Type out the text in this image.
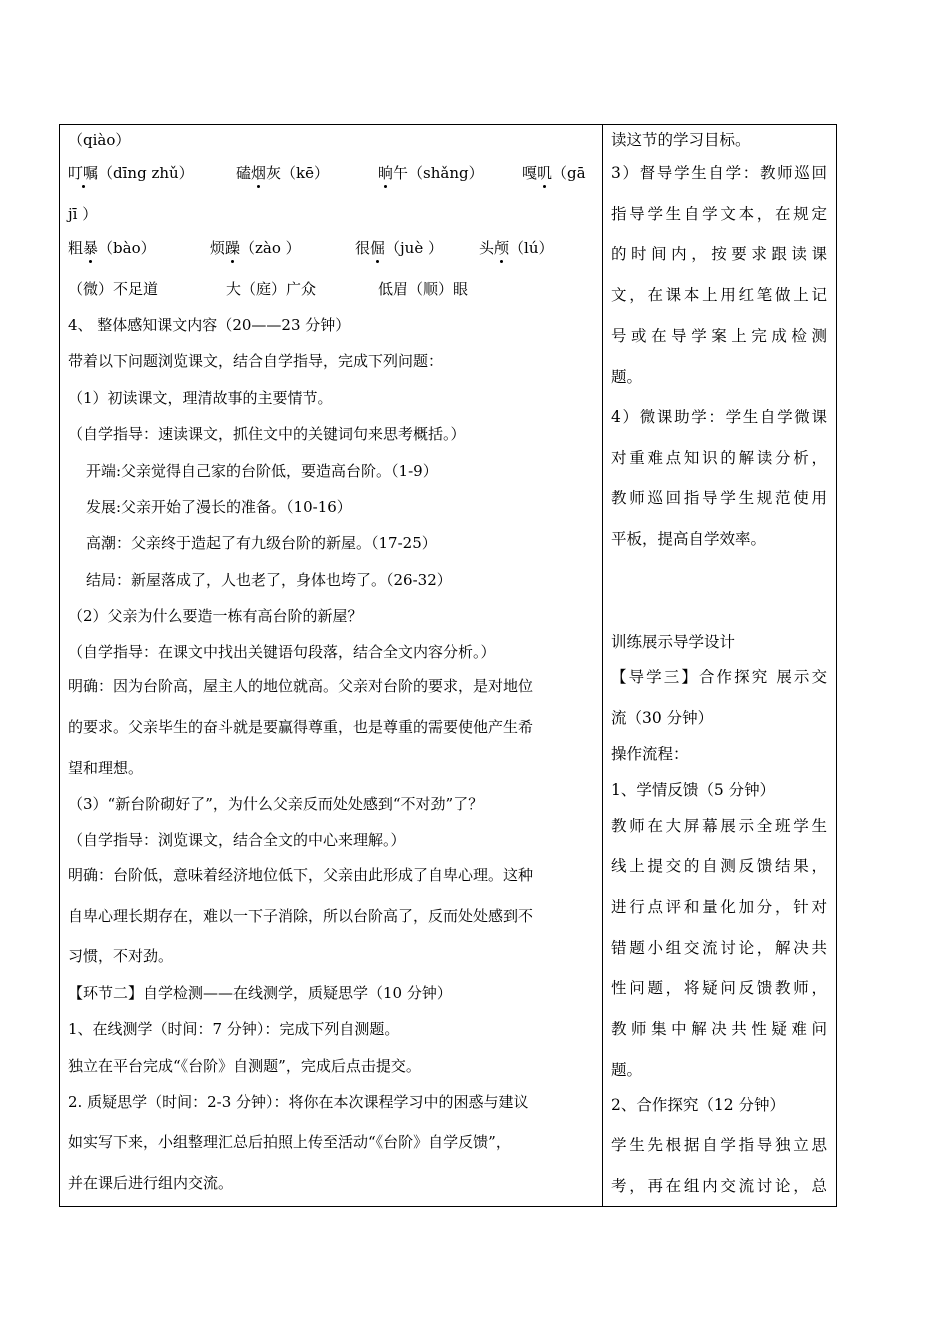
（qiào）
叮嘱（dīng zhǔ）	磕烟灰（kē）	晌午（shǎng）	嘎叽（gā
jī ）
粗暴（bào）	烦躁（zào ）	很倔（juè ） 头颅（lú）
（微）不足道	大（庭）广众	低眉（顺）眼
4、 整体感知课文内容（20——23 分钟）
带着以下问题浏览课文，结合自学指导，完成下列问题：
（1）初读课文，理清故事的主要情节。
（自学指导：速读课文，抓住文中的关键词句来思考概括。）
开端:父亲觉得自己家的台阶低，要造高台阶。（1-9）
发展:父亲开始了漫长的准备。（10-16）
高潮：父亲终于造起了有九级台阶的新屋。（17-25）
结局：新屋落成了，人也老了，身体也垮了。（26-32）
（2）父亲为什么要造一栋有高台阶的新屋？
（自学指导：在课文中找出关键语句段落，结合全文内容分析。）
明确：因为台阶高，屋主人的地位就高。父亲对台阶的要求，是对地位
的要求。父亲毕生的奋斗就是要赢得尊重，也是尊重的需要使他产生希
望和理想。
（3）“新台阶砌好了”，为什么父亲反而处处感到“不对劲”了？
（自学指导：浏览课文，结合全文的中心来理解。）
明确：台阶低，意味着经济地位低下，父亲由此形成了自卑心理。这种
自卑心理长期存在，难以一下子消除，所以台阶高了，反而处处感到不
习惯，不对劲。
【环节二】自学检测——在线测学，质疑思学（10 分钟）
1、在线测学（时间：7 分钟）：完成下列自测题。
独立在平台完成“《台阶》自测题”，完成后点击提交。
2. 质疑思学（时间：2-3 分钟）：将你在本次课程学习中的困惑与建议
如实写下来，小组整理汇总后拍照上传至活动“《台阶》自学反馈”，
并在课后进行组内交流。
读这节的学习目标。
3）督导学生自学：教师巡回
指导学生自学文本，在规定
的时间内，按要求跟读课
文，在课本上用红笔做上记
号或在导学案上完成检测
题。
4）微课助学：学生自学微课
对重难点知识的解读分析，
教师巡回指导学生规范使用
平板，提高自学效率。
训练展示导学设计
【导学三】合作探究 展示交
流（30 分钟）
操作流程：
1、学情反馈（5 分钟）
教师在大屏幕展示全班学生
线上提交的自测反馈结果，
进行点评和量化加分，针对
错题小组交流讨论，解决共
性问题，将疑问反馈教师，
教师集中解决共性疑难问
题。
2、合作探究（12 分钟）
学生先根据自学指导独立思
考，再在组内交流讨论，总
